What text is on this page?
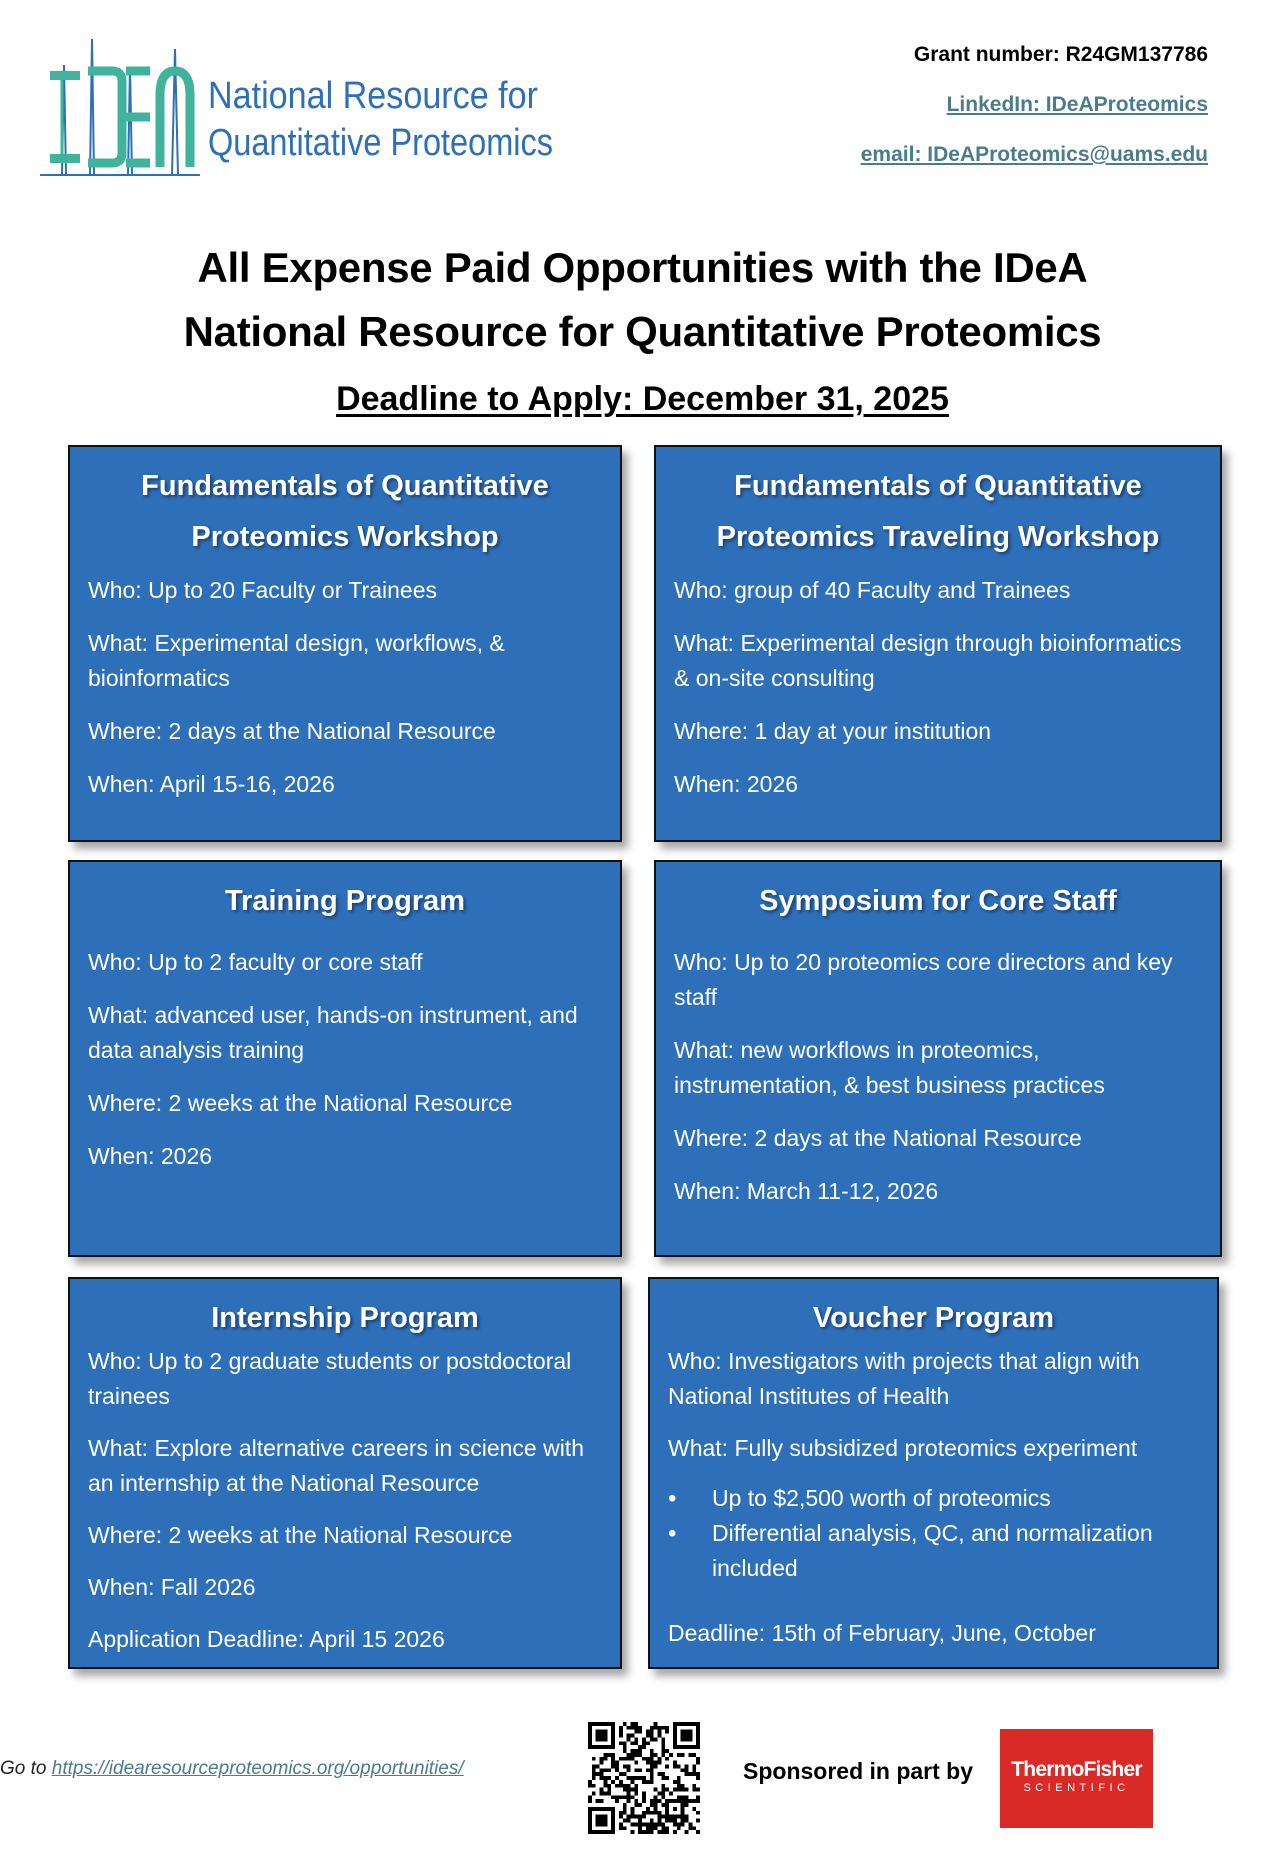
National Resource for
Quantitative Proteomics
Grant number: R24GM137786
LinkedIn: IDeAProteomics
email: IDeAProteomics@uams.edu
All Expense Paid Opportunities with the IDeA
National Resource for Quantitative Proteomics
Deadline to Apply: December 31, 2025
Fundamentals of Quantitative
Proteomics Workshop

Who: Up to 20 Faculty or Trainees

What: Experimental design, workflows, & bioinformatics

Where: 2 days at the National Resource

When: April 15-16, 2026

Fundamentals of Quantitative
Proteomics Traveling Workshop

Who: group of 40 Faculty and Trainees

What: Experimental design through bioinformatics & on-site consulting

Where: 1 day at your institution

When: 2026

Training Program

Who: Up to 2 faculty or core staff

What: advanced user, hands-on instrument, and data analysis training

Where: 2 weeks at the National Resource

When: 2026

Symposium for Core Staff

Who: Up to 20 proteomics core directors and key staff

What: new workflows in proteomics, instrumentation, & best business practices

Where: 2 days at the National Resource

When: March 11-12, 2026

Internship Program

Who: Up to 2 graduate students or postdoctoral trainees

What: Explore alternative careers in science with an internship at the National Resource

Where: 2 weeks at the National Resource

When: Fall 2026

Application Deadline: April 15 2026

Voucher Program

Who: Investigators with projects that align with National Institutes of Health

What: Fully subsidized proteomics experiment

• Up to $2,500 worth of proteomics
• Differential analysis, QC, and normalization included

Deadline: 15th of February, June, October

Go to https://idearesourceproteomics.org/opportunities/	Sponsored in part by	ThermoFisher
SCIENTIFIC
